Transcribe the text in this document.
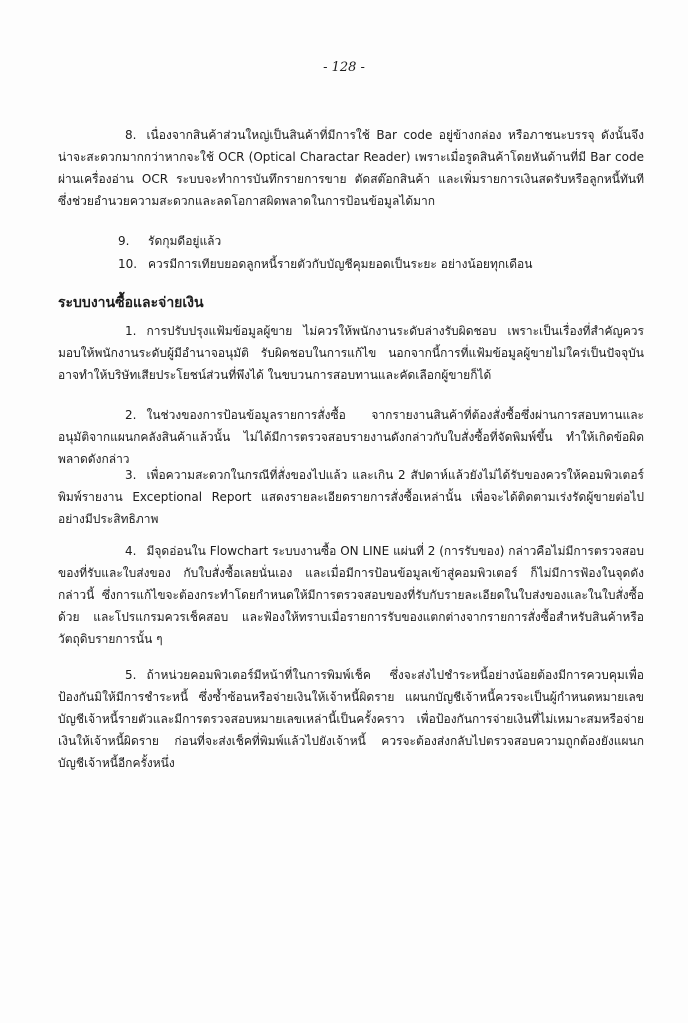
- 128 -

8. เนื่องจากสินค้าส่วนใหญ่เป็นสินค้าที่มีการใช้ Bar code อยู่ข้างกล่อง หรือภาชนะบรรจุ ดังนั้นจึงน่าจะสะดวกมากกว่าหากจะใช้ OCR (Optical Charactar Reader) เพราะเมื่อรูดสินค้าโดยหันด้านที่มี Bar code ผ่านเครื่องอ่าน OCR ระบบจะทำการบันทึกรายการขาย ตัดสต๊อกสินค้า และเพิ่มรายการเงินสดรับหรือลูกหนี้ทันที ซึ่งช่วยอำนวยความสะดวกและลดโอกาสผิดพลาดในการป้อนข้อมูลได้มาก

9. รัดกุมดีอยู่แล้ว
10. ควรมีการเทียบยอดลูกหนี้รายตัวกับบัญชีคุมยอดเป็นระยะ อย่างน้อยทุกเดือน
ระบบงานซื้อและจ่ายเงิน

1. การปรับปรุงแฟ้มข้อมูลผู้ขาย ไม่ควรให้พนักงานระดับล่างรับผิดชอบ เพราะเป็นเรื่องที่สำคัญควรมอบให้พนักงานระดับผู้มีอำนาจอนุมัติ รับผิดชอบในการแก้ไข นอกจากนี้การที่แฟ้มข้อมูลผู้ขายไม่ใคร่เป็นปัจจุบันอาจทำให้บริษัทเสียประโยชน์ส่วนที่พึงได้ ในขบวนการสอบทานและคัดเลือกผู้ขายก็ได้

2. ในช่วงของการป้อนข้อมูลรายการสั่งซื้อ จากรายงานสินค้าที่ต้องสั่งซื้อซึ่งผ่านการสอบทานและอนุมัติจากแผนกคลังสินค้าแล้วนั้น ไม่ได้มีการตรวจสอบรายงานดังกล่าวกับใบสั่งซื้อที่จัดพิมพ์ขึ้น ทำให้เกิดข้อผิดพลาดดังกล่าว

3. เพื่อความสะดวกในกรณีที่สั่งของไปแล้ว และเกิน 2 สัปดาห์แล้วยังไม่ได้รับของควรให้คอมพิวเตอร์พิมพ์รายงาน Exceptional Report แสดงรายละเอียดรายการสั่งซื้อเหล่านั้น เพื่อจะได้ติดตามเร่งรัดผู้ขายต่อไปอย่างมีประสิทธิภาพ

4. มีจุดอ่อนใน Flowchart ระบบงานซื้อ ON LINE แผ่นที่ 2 (การรับของ) กล่าวคือไม่มีการตรวจสอบของที่รับและใบส่งของ กับใบสั่งซื้อเลยนั่นเอง และเมื่อมีการป้อนข้อมูลเข้าสู่คอมพิวเตอร์ ก็ไม่มีการฟ้องในจุดดังกล่าวนี้ ซึ่งการแก้ไขจะต้องกระทำโดยกำหนดให้มีการตรวจสอบของที่รับกับรายละเอียดในใบส่งของและในใบสั่งซื้อด้วย และโปรแกรมควรเช็คสอบ และฟ้องให้ทราบเมื่อรายการรับของแตกต่างจากรายการสั่งซื้อสำหรับสินค้าหรือวัตถุดิบรายการนั้น ๆ

5. ถ้าหน่วยคอมพิวเตอร์มีหน้าที่ในการพิมพ์เช็ค ซึ่งจะส่งไปชำระหนี้อย่างน้อยต้องมีการควบคุมเพื่อป้องกันมิให้มีการชำระหนี้ ซึ่งซ้ำซ้อนหรือจ่ายเงินให้เจ้าหนี้ผิดราย แผนกบัญชีเจ้าหนี้ควรจะเป็นผู้กำหนดหมายเลขบัญชีเจ้าหนี้รายตัวและมีการตรวจสอบหมายเลขเหล่านี้เป็นครั้งคราว เพื่อป้องกันการจ่ายเงินที่ไม่เหมาะสมหรือจ่ายเงินให้เจ้าหนี้ผิดราย ก่อนที่จะส่งเช็คที่พิมพ์แล้วไปยังเจ้าหนี้ ควรจะต้องส่งกลับไปตรวจสอบความถูกต้องยังแผนกบัญชีเจ้าหนี้อีกครั้งหนึ่ง
